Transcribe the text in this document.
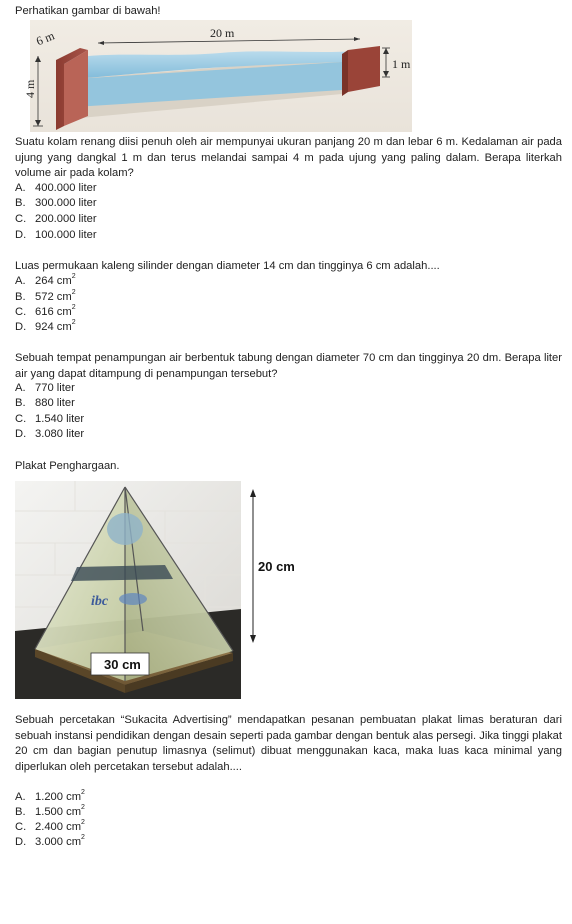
Perhatikan gambar di bawah!
20 m
6 m
1 m
4 m
Suatu kolam renang diisi penuh oleh air mempunyai ukuran panjang 20 m dan lebar 6 m. Kedalaman air pada ujung yang dangkal 1 m dan terus melandai sampai 4 m pada ujung yang paling dalam. Berapa literkah volume air pada kolam?
A. 400.000 liter
B. 300.000 liter
C. 200.000 liter
D. 100.000 liter
Luas permukaan kaleng silinder dengan diameter 14 cm dan tingginya 6 cm adalah....
A. 264 $cm^2$
B. 572 $cm^2$
C. 616 $cm^2$
D. 924 $cm^2$
Sebuah tempat penampungan air berbentuk tabung dengan diameter 70 cm dan tingginya 20 dm. Berapa liter air yang dapat ditampung di penampungan tersebut?
A. 770 liter
B. 880 liter
C. 1.540 liter
D. 3.080 liter
Plakat Penghargaan.
ibc
30 cm
20 cm
Sebuah percetakan “Sukacita Advertising” mendapatkan pesanan pembuatan plakat limas beraturan dari sebuah instansi pendidikan dengan desain seperti pada gambar dengan bentuk alas persegi. Jika tinggi plakat 20 cm dan bagian penutup limasnya (selimut) dibuat menggunakan kaca, maka luas kaca minimal yang diperlukan oleh percetakan tersebut adalah....
A. 1.200 $cm^2$
B. 1.500 $cm^2$
C. 2.400 $cm^2$
D. 3.000 $cm^2$
